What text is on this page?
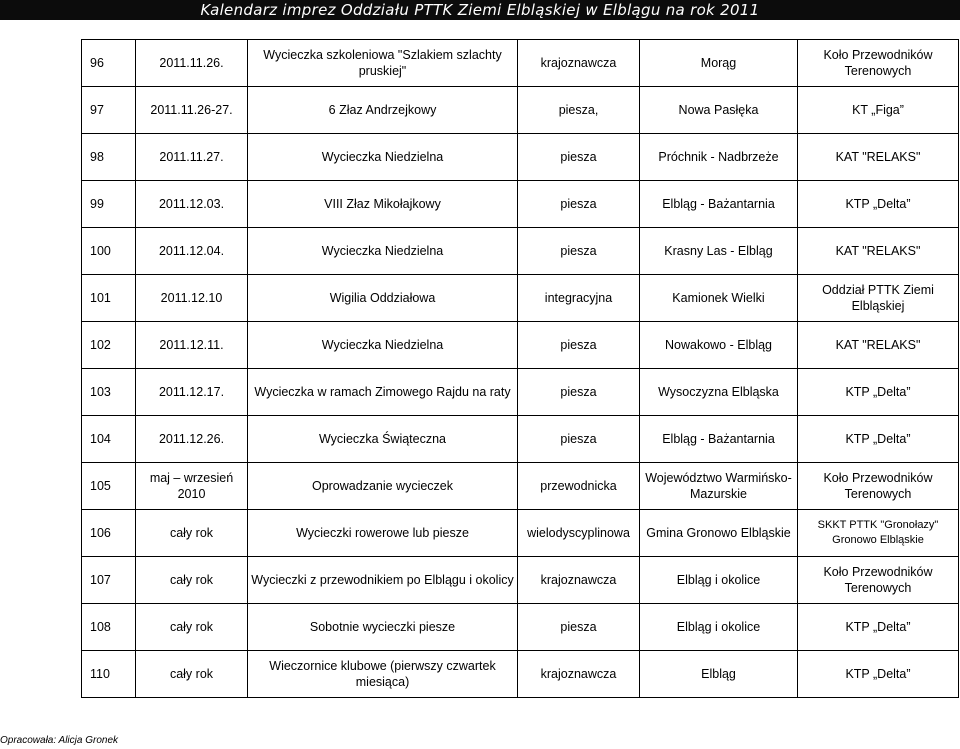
Kalendarz imprez Oddziału PTTK Ziemi Elbląskiej w Elblągu na rok 2011
96	2011.11.26.	Wycieczka szkoleniowa "Szlakiem szlachty pruskiej"	krajoznawcza	Morąg	Koło Przewodników Terenowych
97	2011.11.26-27.	6 Złaz Andrzejkowy	piesza,	Nowa Pasłęka	KT „Figa”
98	2011.11.27.	Wycieczka Niedzielna	piesza	Próchnik - Nadbrzeże	KAT "RELAKS"
99	2011.12.03.	VIII Złaz Mikołajkowy	piesza	Elbląg - Bażantarnia	KTP „Delta”
100	2011.12.04.	Wycieczka Niedzielna	piesza	Krasny Las - Elbląg	KAT "RELAKS"
101	2011.12.10	Wigilia Oddziałowa	integracyjna	Kamionek Wielki	Oddział PTTK Ziemi Elbląskiej
102	2011.12.11.	Wycieczka Niedzielna	piesza	Nowakowo - Elbląg	KAT "RELAKS"
103	2011.12.17.	Wycieczka w ramach Zimowego Rajdu na raty	piesza	Wysoczyzna Elbląska	KTP „Delta”
104	2011.12.26.	Wycieczka Świąteczna	piesza	Elbląg - Bażantarnia	KTP „Delta”
105	maj – wrzesień 2010	Oprowadzanie wycieczek	przewodnicka	Województwo Warmińsko-Mazurskie	Koło Przewodników Terenowych
106	cały rok	Wycieczki rowerowe lub piesze	wielodyscyplinowa	Gmina Gronowo Elbląskie	SKKT PTTK "Gronołazy" Gronowo Elbląskie
107	cały rok	Wycieczki z przewodnikiem po Elblągu i okolicy	krajoznawcza	Elbląg i okolice	Koło Przewodników Terenowych
108	cały rok	Sobotnie wycieczki piesze	piesza	Elbląg i okolice	KTP „Delta”
110	cały rok	Wieczornice klubowe (pierwszy czwartek miesiąca)	krajoznawcza	Elbląg	KTP „Delta”
Opracowała: Alicja Gronek
